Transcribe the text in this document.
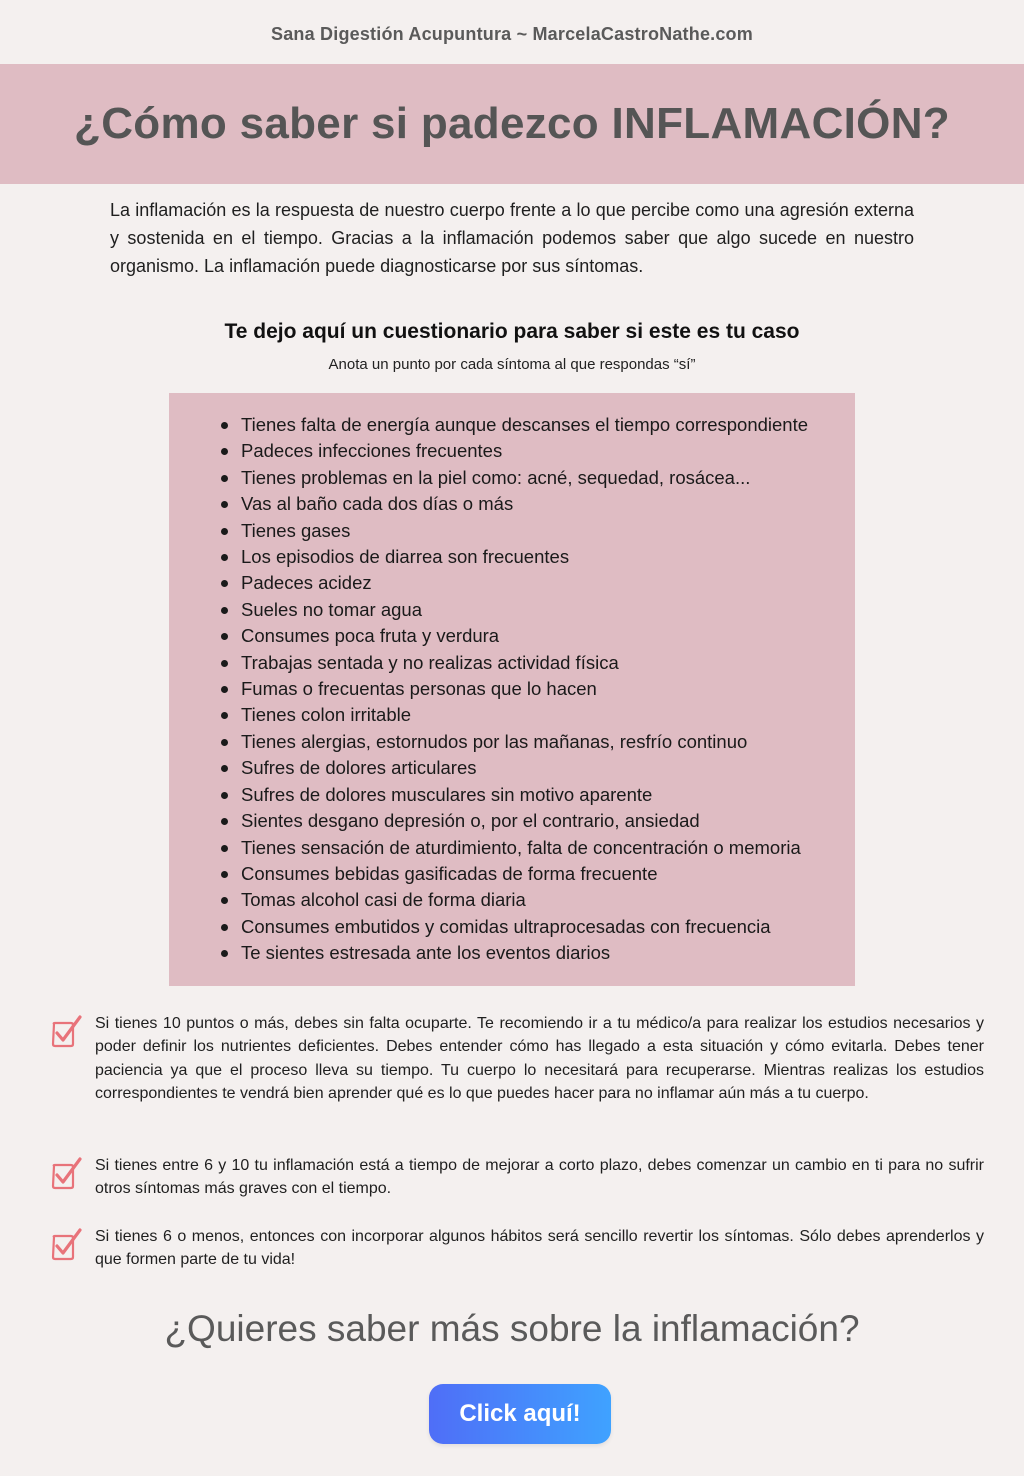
Sana Digestión Acupuntura ~ MarcelaCastroNathe.com
¿Cómo saber si padezco INFLAMACIÓN?

La inflamación es la respuesta de nuestro cuerpo frente a lo que percibe como una agresión externa y sostenida en el tiempo. Gracias a la inflamación podemos saber que algo sucede en nuestro organismo. La inflamación puede diagnosticarse por sus síntomas.

Te dejo aquí un cuestionario para saber si este es tu caso
Anota un punto por cada síntoma al que respondas “sí”
Tienes falta de energía aunque descanses el tiempo correspondiente
Padeces infecciones frecuentes
Tienes problemas en la piel como: acné, sequedad, rosácea...
Vas al baño cada dos días o más
Tienes gases
Los episodios de diarrea son frecuentes
Padeces acidez
Sueles no tomar agua
Consumes poca fruta y verdura
Trabajas sentada y no realizas actividad física
Fumas o frecuentas personas que lo hacen
Tienes colon irritable
Tienes alergias, estornudos por las mañanas, resfrío continuo
Sufres de dolores articulares
Sufres de dolores musculares sin motivo aparente
Sientes desgano depresión o, por el contrario, ansiedad
Tienes sensación de aturdimiento, falta de concentración o memoria
Consumes bebidas gasificadas de forma frecuente
Tomas alcohol casi de forma diaria
Consumes embutidos y comidas ultraprocesadas con frecuencia
Te sientes estresada ante los eventos diarios

Si tienes 10 puntos o más, debes sin falta ocuparte. Te recomiendo ir a tu médico/a para realizar los estudios necesarios y poder definir los nutrientes deficientes. Debes entender cómo has llegado a esta situación y cómo evitarla. Debes tener paciencia ya que el proceso lleva su tiempo. Tu cuerpo lo necesitará para recuperarse. Mientras realizas los estudios correspondientes te vendrá bien aprender qué es lo que puedes hacer para no inflamar aún más a tu cuerpo.

Si tienes entre 6 y 10 tu inflamación está a tiempo de mejorar a corto plazo, debes comenzar un cambio en ti para no sufrir otros síntomas más graves con el tiempo.

Si tienes 6 o menos, entonces con incorporar algunos hábitos será sencillo revertir los síntomas. Sólo debes aprenderlos y que formen parte de tu vida!

¿Quieres saber más sobre la inflamación?
Click aquí!
